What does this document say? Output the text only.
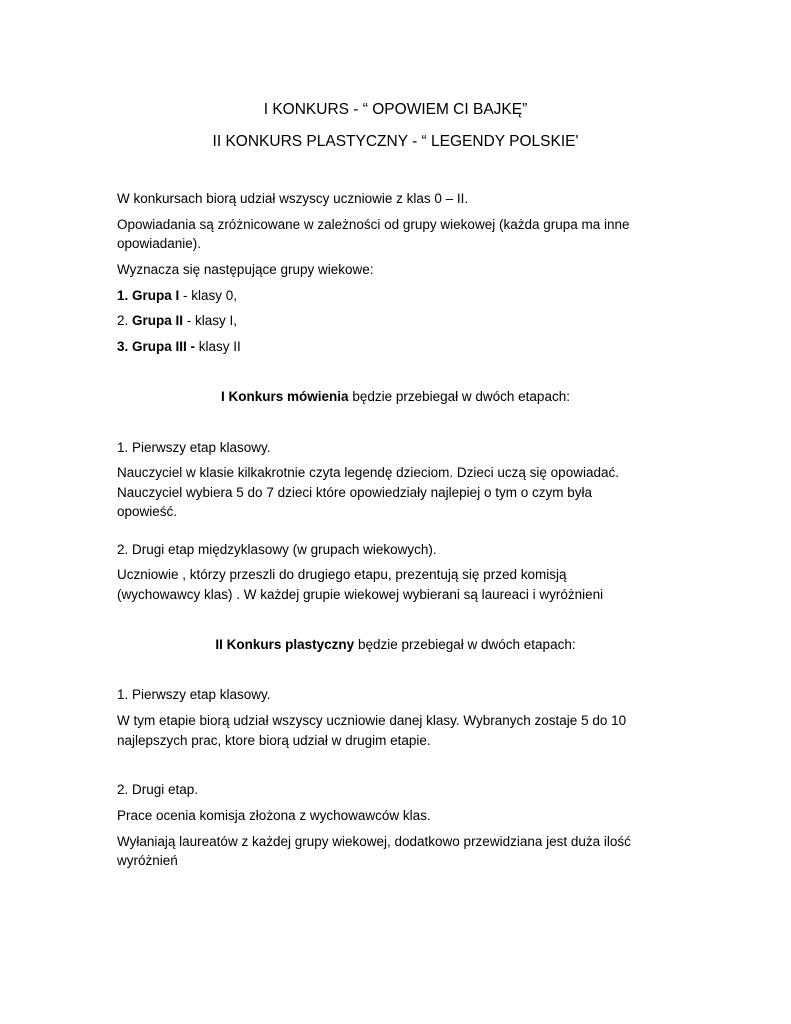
I KONKURS - “ OPOWIEM CI BAJKĘ”
II KONKURS PLASTYCZNY - “ LEGENDY POLSKIE'
W konkursach biorą udział wszyscy uczniowie z klas 0 – II.
Opowiadania są zróżnicowane w zależności od grupy wiekowej (każda grupa ma inne
opowiadanie).
Wyznacza się następujące grupy wiekowe:
1. Grupa I - klasy 0,
2. Grupa II - klasy I,
3. Grupa III - klasy II
I Konkurs mówienia będzie przebiegał w dwóch etapach:
1. Pierwszy etap klasowy.
Nauczyciel w klasie kilkakrotnie czyta legendę dzieciom. Dzieci uczą się opowiadać.
Nauczyciel wybiera 5 do 7 dzieci które opowiedziały najlepiej o tym o czym była
opowieść.
2. Drugi etap międzyklasowy (w grupach wiekowych).
Uczniowie , którzy przeszli do drugiego etapu, prezentują się przed komisją
(wychowawcy klas) . W każdej grupie wiekowej wybierani są laureaci i wyróżnieni
II Konkurs plastyczny będzie przebiegał w dwóch etapach:
1. Pierwszy etap klasowy.
W tym etapie biorą udział wszyscy uczniowie danej klasy. Wybranych zostaje 5 do 10
najlepszych prac, ktore biorą udział w drugim etapie.
2. Drugi etap.
Prace ocenia komisja złożona z wychowawców klas.
Wyłaniają laureatów z każdej grupy wiekowej, dodatkowo przewidziana jest duża ilość
wyróżnień
